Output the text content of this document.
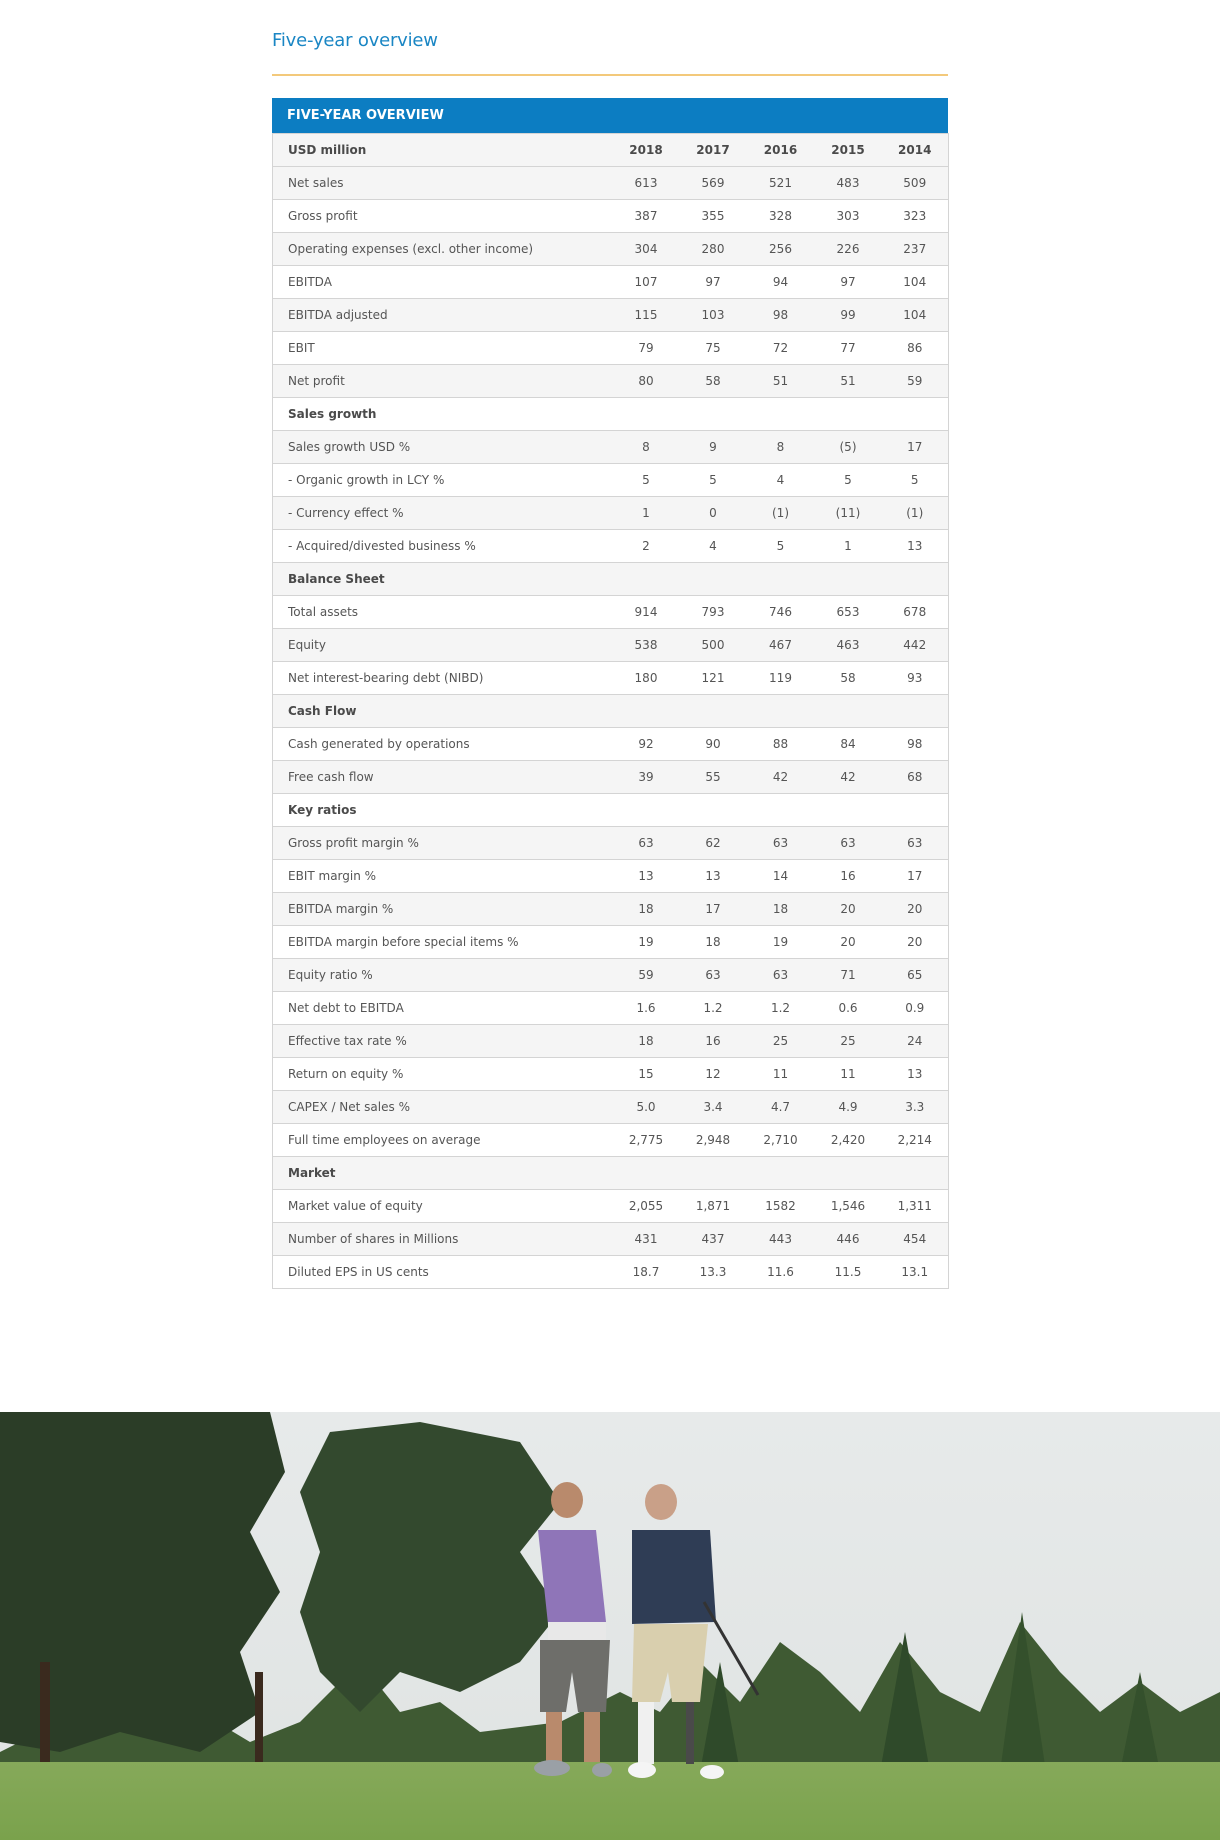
Five-year overview
FIVE-YEAR OVERVIEW
USD million	2018	2017	2016	2015	2014
Net sales	613	569	521	483	509
Gross profit	387	355	328	303	323
Operating expenses (excl. other income)	304	280	256	226	237
EBITDA	107	97	94	97	104
EBITDA adjusted	115	103	98	99	104
EBIT	79	75	72	77	86
Net profit	80	58	51	51	59
Sales growth					
Sales growth USD %	8	9	8	(5)	17
- Organic growth in LCY %	5	5	4	5	5
- Currency effect %	1	0	(1)	(11)	(1)
- Acquired/divested business %	2	4	5	1	13
Balance Sheet					
Total assets	914	793	746	653	678
Equity	538	500	467	463	442
Net interest-bearing debt (NIBD)	180	121	119	58	93
Cash Flow					
Cash generated by operations	92	90	88	84	98
Free cash flow	39	55	42	42	68
Key ratios					
Gross profit margin %	63	62	63	63	63
EBIT margin %	13	13	14	16	17
EBITDA margin %	18	17	18	20	20
EBITDA margin before special items %	19	18	19	20	20
Equity ratio %	59	63	63	71	65
Net debt to EBITDA	1.6	1.2	1.2	0.6	0.9
Effective tax rate %	18	16	25	25	24
Return on equity %	15	12	11	11	13
CAPEX / Net sales %	5.0	3.4	4.7	4.9	3.3
Full time employees on average	2,775	2,948	2,710	2,420	2,214
Market					
Market value of equity	2,055	1,871	1582	1,546	1,311
Number of shares in Millions	431	437	443	446	454
Diluted EPS in US cents	18.7	13.3	11.6	11.5	13.1
